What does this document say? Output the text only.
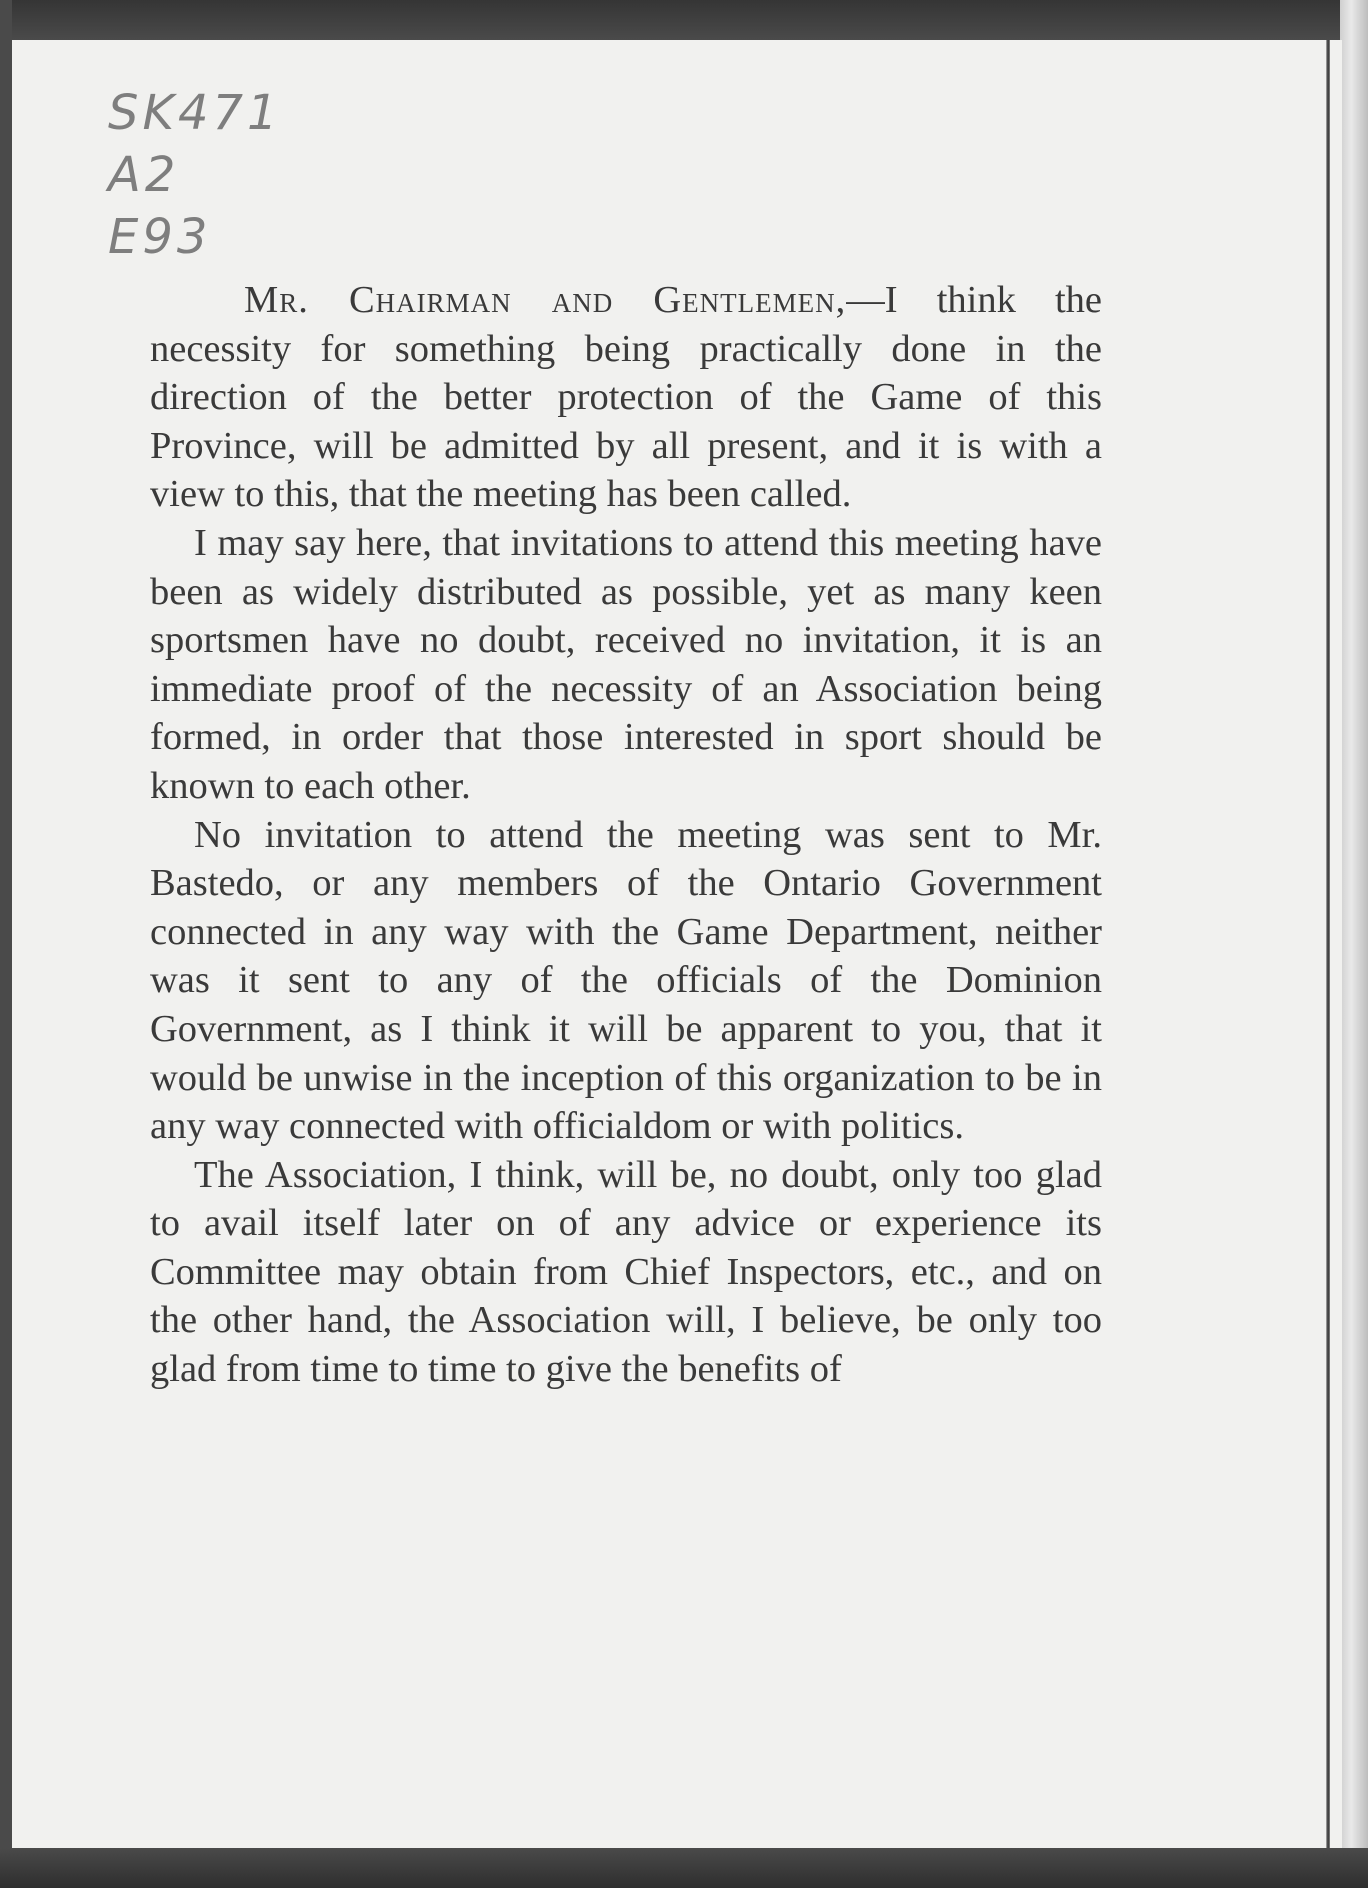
SK471
A2
E93

Mr. Chairman and Gentlemen,—I think the necessity for something being practically done in the direction of the better protection of the Game of this Province, will be admitted by all present, and it is with a view to this, that the meeting has been called.

I may say here, that invitations to attend this meeting have been as widely distributed as possible, yet as many keen sportsmen have no doubt, received no invitation, it is an immediate proof of the necessity of an Association being formed, in order that those interested in sport should be known to each other.

No invitation to attend the meeting was sent to Mr. Bastedo, or any members of the Ontario Government connected in any way with the Game Department, neither was it sent to any of the officials of the Dominion Government, as I think it will be apparent to you, that it would be unwise in the inception of this organization to be in any way connected with officialdom or with politics.

The Association, I think, will be, no doubt, only too glad to avail itself later on of any advice or experience its Committee may obtain from Chief Inspectors, etc., and on the other hand, the Association will, I believe, be only too glad from time to time to give the benefits of
